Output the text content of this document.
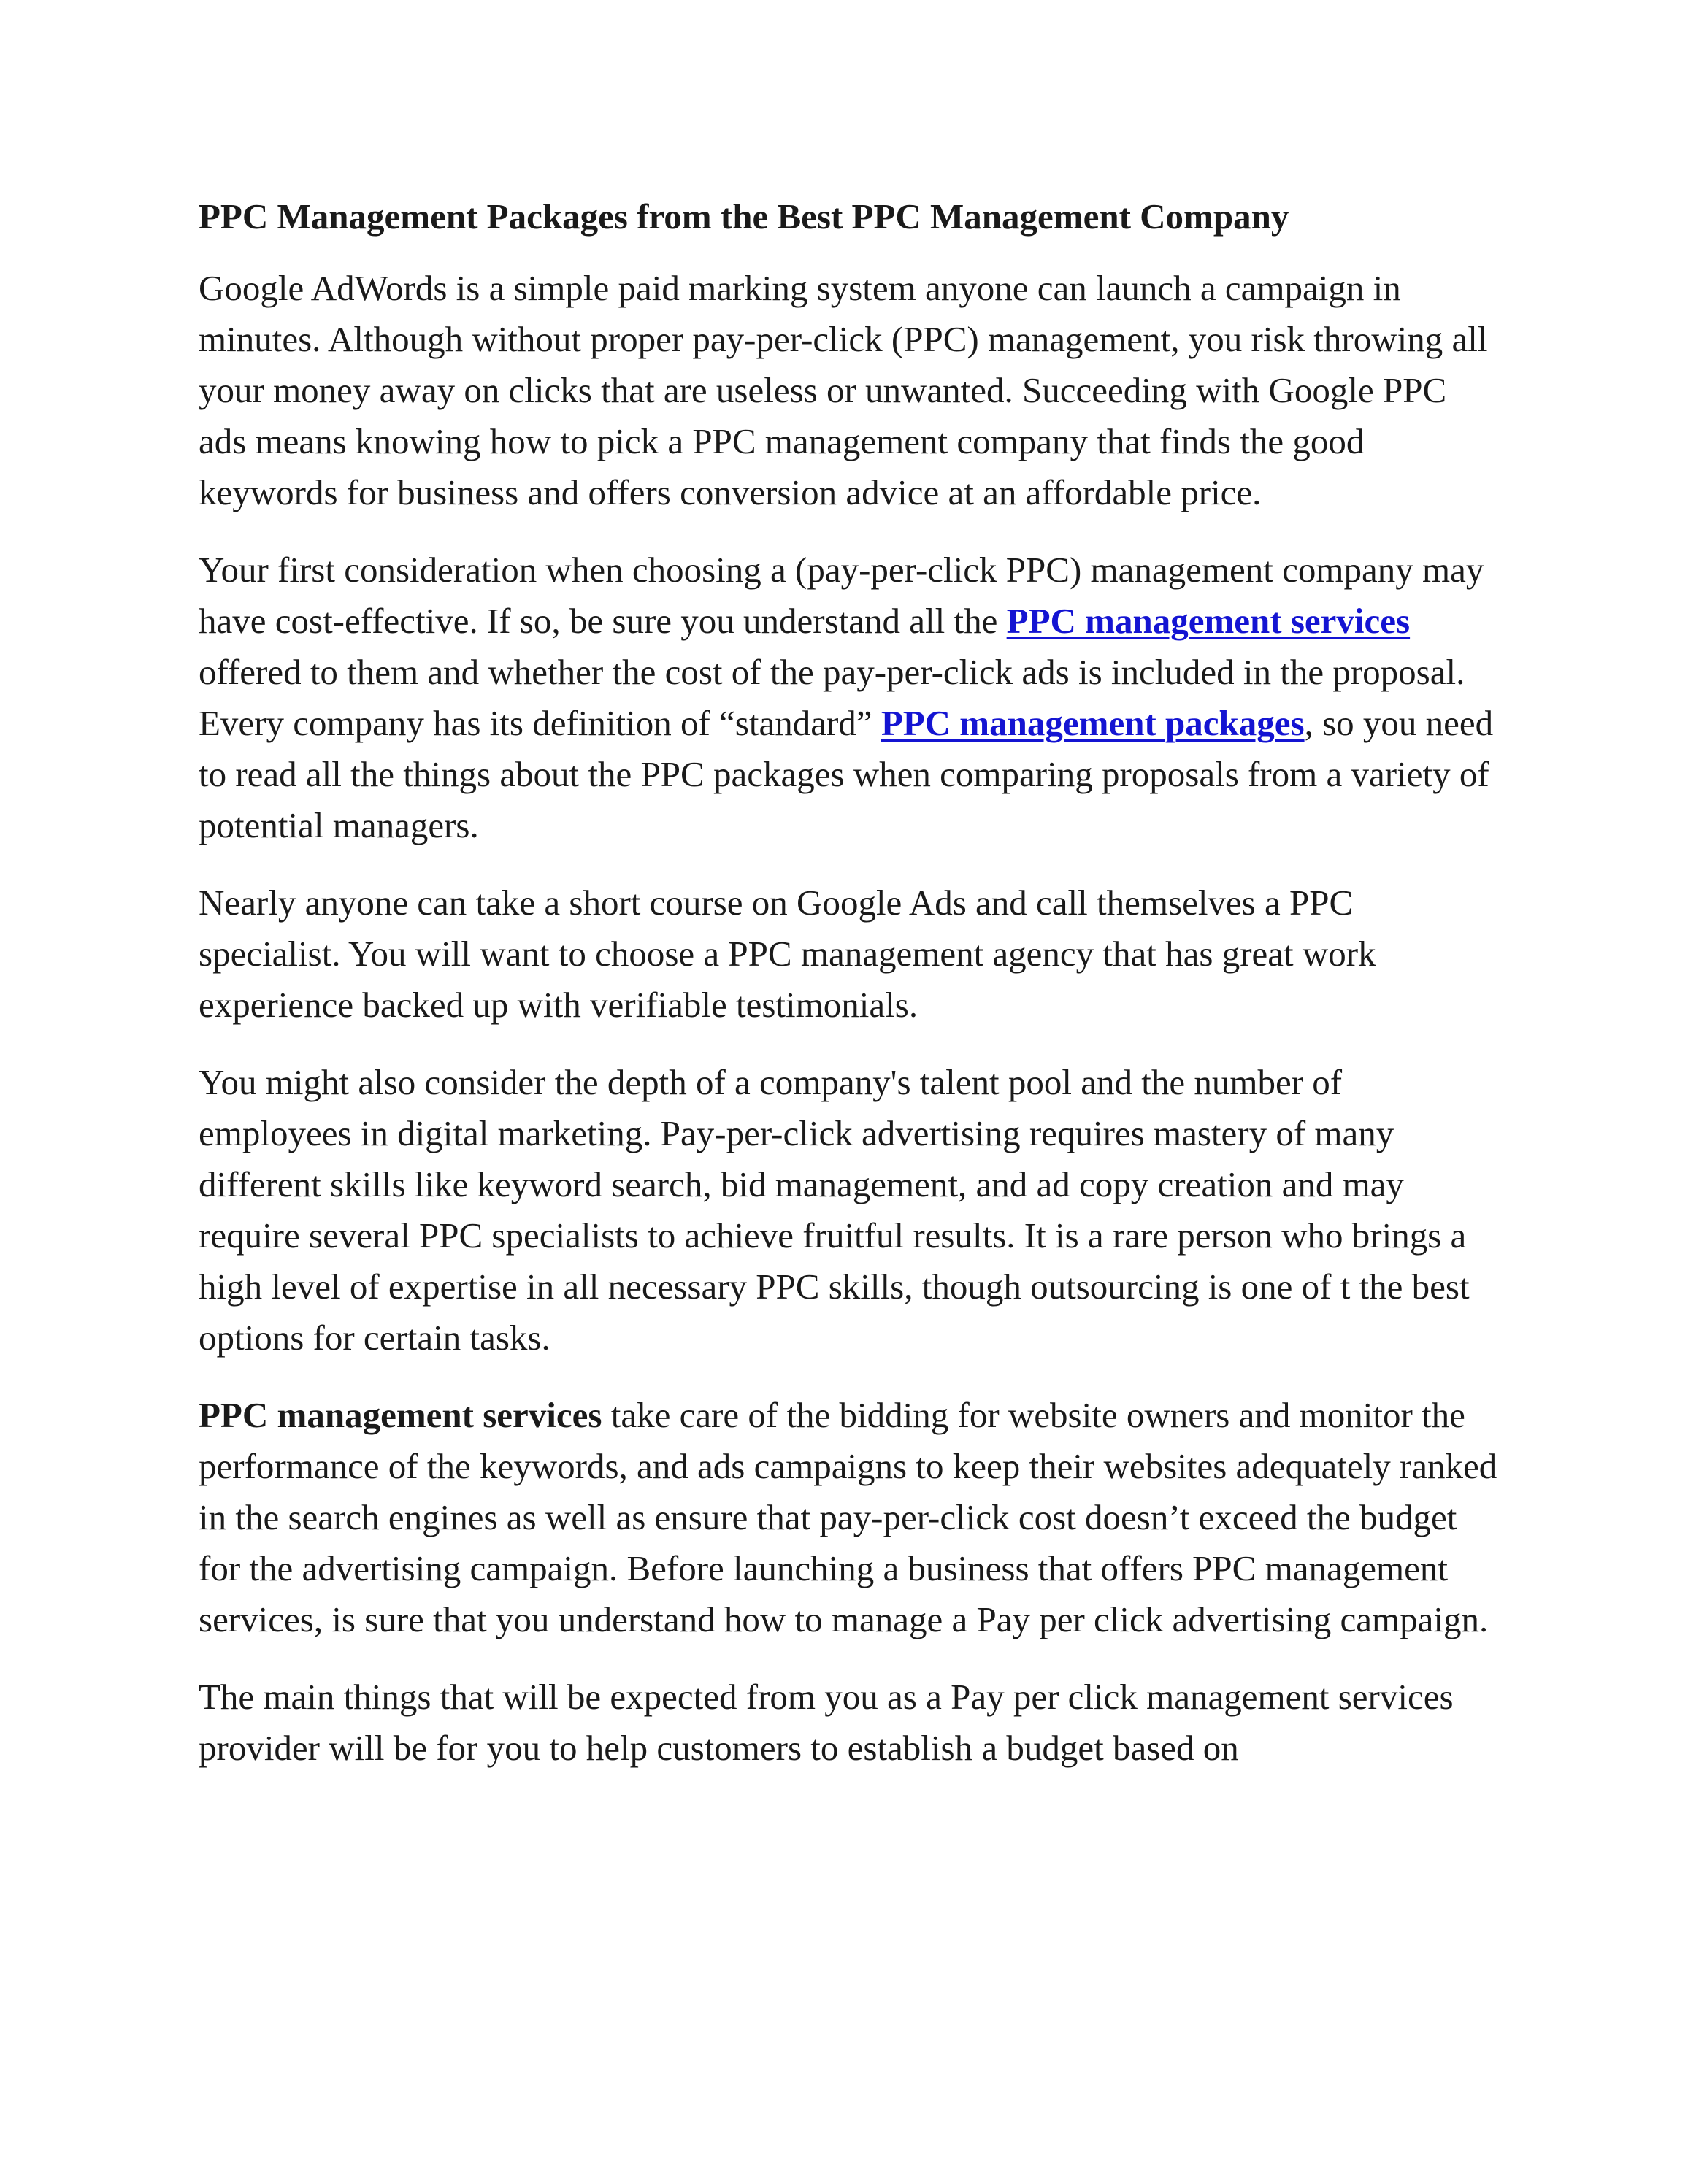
PPC Management Packages from the Best PPC Management Company

Google AdWords is a simple paid marking system anyone can launch a campaign in minutes. Although without proper pay-per-click (PPC) management, you risk throwing all your money away on clicks that are useless or unwanted. Succeeding with Google PPC ads means knowing how to pick a PPC management company that finds the good keywords for business and offers conversion advice at an affordable price.

Your first consideration when choosing a (pay-per-click PPC) management company may have cost-effective. If so, be sure you understand all the PPC management services offered to them and whether the cost of the pay-per-click ads is included in the proposal. Every company has its definition of “standard” PPC management packages, so you need to read all the things about the PPC packages when comparing proposals from a variety of potential managers.

Nearly anyone can take a short course on Google Ads and call themselves a PPC specialist. You will want to choose a PPC management agency that has great work experience backed up with verifiable testimonials.

You might also consider the depth of a company's talent pool and the number of employees in digital marketing. Pay-per-click advertising requires mastery of many different skills like keyword search, bid management, and ad copy creation and may require several PPC specialists to achieve fruitful results. It is a rare person who brings a high level of expertise in all necessary PPC skills, though outsourcing is one of t the best options for certain tasks.

PPC management services take care of the bidding for website owners and monitor the performance of the keywords, and ads campaigns to keep their websites adequately ranked in the search engines as well as ensure that pay-per-click cost doesn’t exceed the budget for the advertising campaign. Before launching a business that offers PPC management services, is sure that you understand how to manage a Pay per click advertising campaign.

The main things that will be expected from you as a Pay per click management services provider will be for you to help customers to establish a budget based on
